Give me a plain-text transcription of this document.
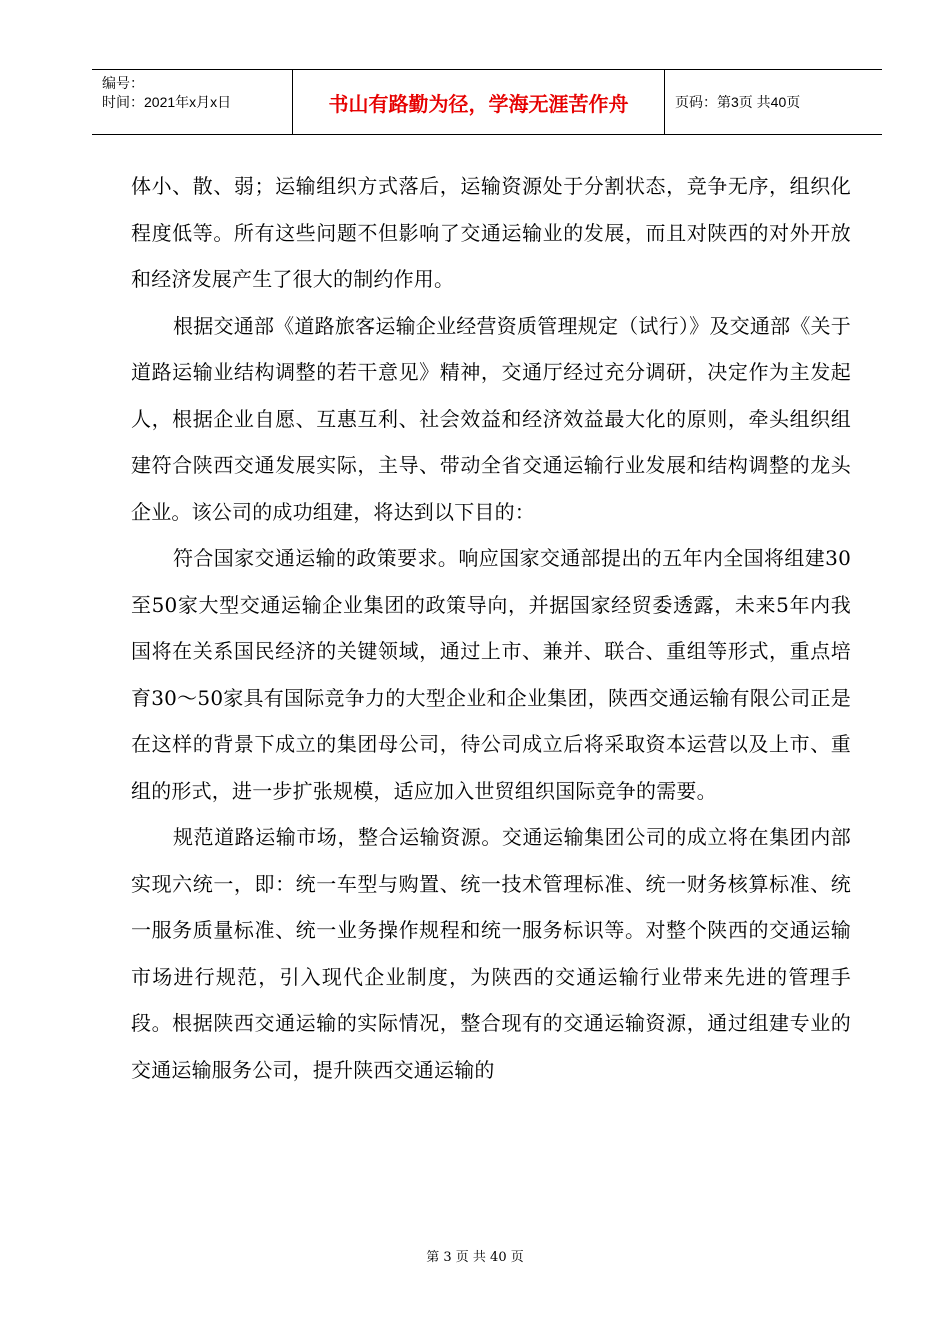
编号：
时间：2021年x月x日	书山有路勤为径，学海无涯苦作舟	页码：第3页 共40页

体小、散、弱；运输组织方式落后，运输资源处于分割状态，竞争无序，组织化程度低等。所有这些问题不但影响了交通运输业的发展，而且对陕西的对外开放和经济发展产生了很大的制约作用。

根据交通部《道路旅客运输企业经营资质管理规定（试行）》及交通部《关于道路运输业结构调整的若干意见》精神，交通厅经过充分调研，决定作为主发起人，根据企业自愿、互惠互利、社会效益和经济效益最大化的原则，牵头组织组建符合陕西交通发展实际，主导、带动全省交通运输行业发展和结构调整的龙头企业。该公司的成功组建，将达到以下目的：

符合国家交通运输的政策要求。响应国家交通部提出的五年内全国将组建30至50家大型交通运输企业集团的政策导向，并据国家经贸委透露，未来5年内我国将在关系国民经济的关键领域，通过上市、兼并、联合、重组等形式，重点培育30～50家具有国际竞争力的大型企业和企业集团，陕西交通运输有限公司正是在这样的背景下成立的集团母公司，待公司成立后将采取资本运营以及上市、重组的形式，进一步扩张规模，适应加入世贸组织国际竞争的需要。

规范道路运输市场，整合运输资源。交通运输集团公司的成立将在集团内部实现六统一，即：统一车型与购置、统一技术管理标准、统一财务核算标准、统一服务质量标准、统一业务操作规程和统一服务标识等。对整个陕西的交通运输市场进行规范，引入现代企业制度，为陕西的交通运输行业带来先进的管理手段。根据陕西交通运输的实际情况，整合现有的交通运输资源，通过组建专业的交通运输服务公司，提升陕西交通运输的

第 3 页 共 40 页
